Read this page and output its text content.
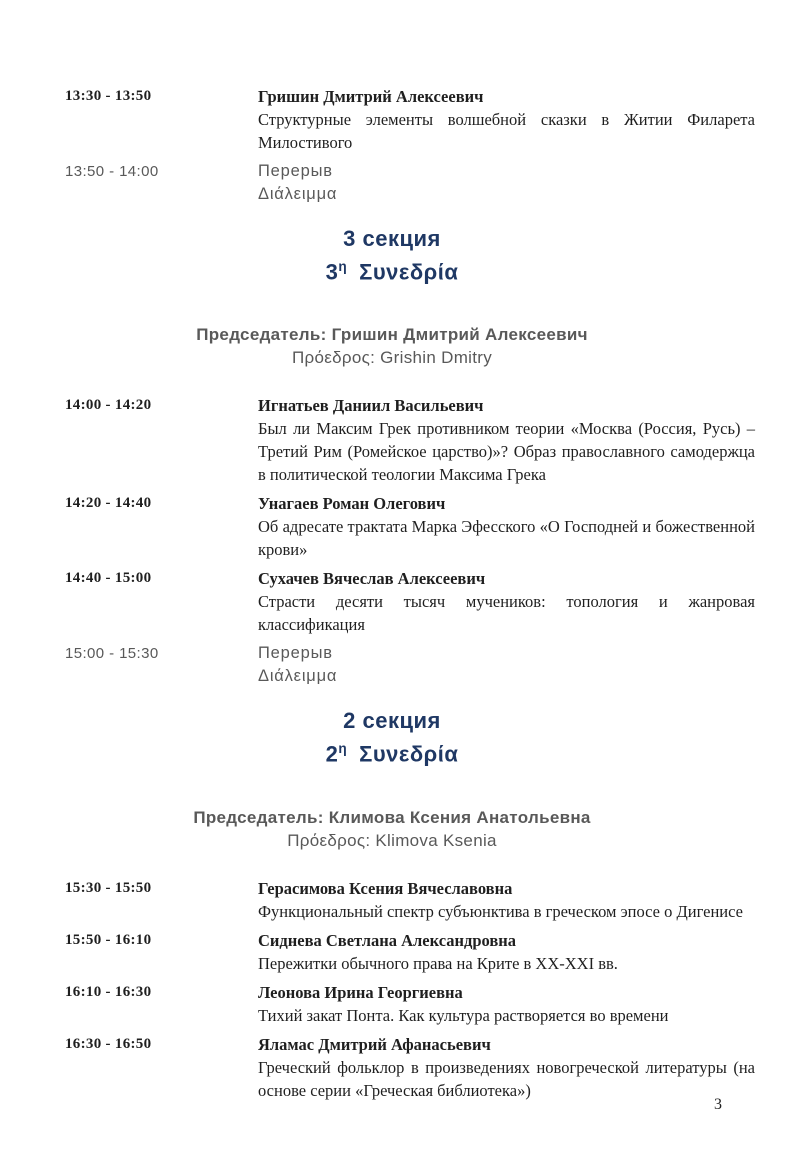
13:30 - 13:50	Гришин Дмитрий Алексеевич
Структурные элементы волшебной сказки в Житии Филарета Милостивого
13:50 - 14:00	Перерыв
Διάλειμμα
3 секция
$3^\eta$ Συνεδρία
Председатель: Гришин Дмитрий Алексеевич
Πρόεδρος: Grishin Dmitry
14:00 - 14:20	Игнатьев Даниил Васильевич
Был ли Максим Грек противником теории «Москва (Россия, Русь) – Третий Рим (Ромейское царство)»? Образ православного самодержца в политической теологии Максима Грека
14:20 - 14:40	Унагаев Роман Олегович
Об адресате трактата Марка Эфесского «О Господней и божественной крови»
14:40 - 15:00	Сухачев Вячеслав Алексеевич
Страсти десяти тысяч мучеников: топология и жанровая классификация
15:00 - 15:30	Перерыв
Διάλειμμα
2 секция
$2^\eta$ Συνεδρία
Председатель: Климова Ксения Анатольевна
Πρόεδρος: Klimova Ksenia
15:30 - 15:50	Герасимова Ксения Вячеславовна
Функциональный спектр субъюнктива в греческом эпосе о Дигенисе
15:50 - 16:10	Сиднева Светлана Александровна
Пережитки обычного права на Крите в XX-XXI вв.
16:10 - 16:30	Леонова Ирина Георгиевна
Тихий закат Понта. Как культура растворяется во времени
16:30 - 16:50	Яламас Дмитрий Афанасьевич
Греческий фольклор в произведениях новогреческой литературы (на основе серии «Греческая библиотека»)
3
